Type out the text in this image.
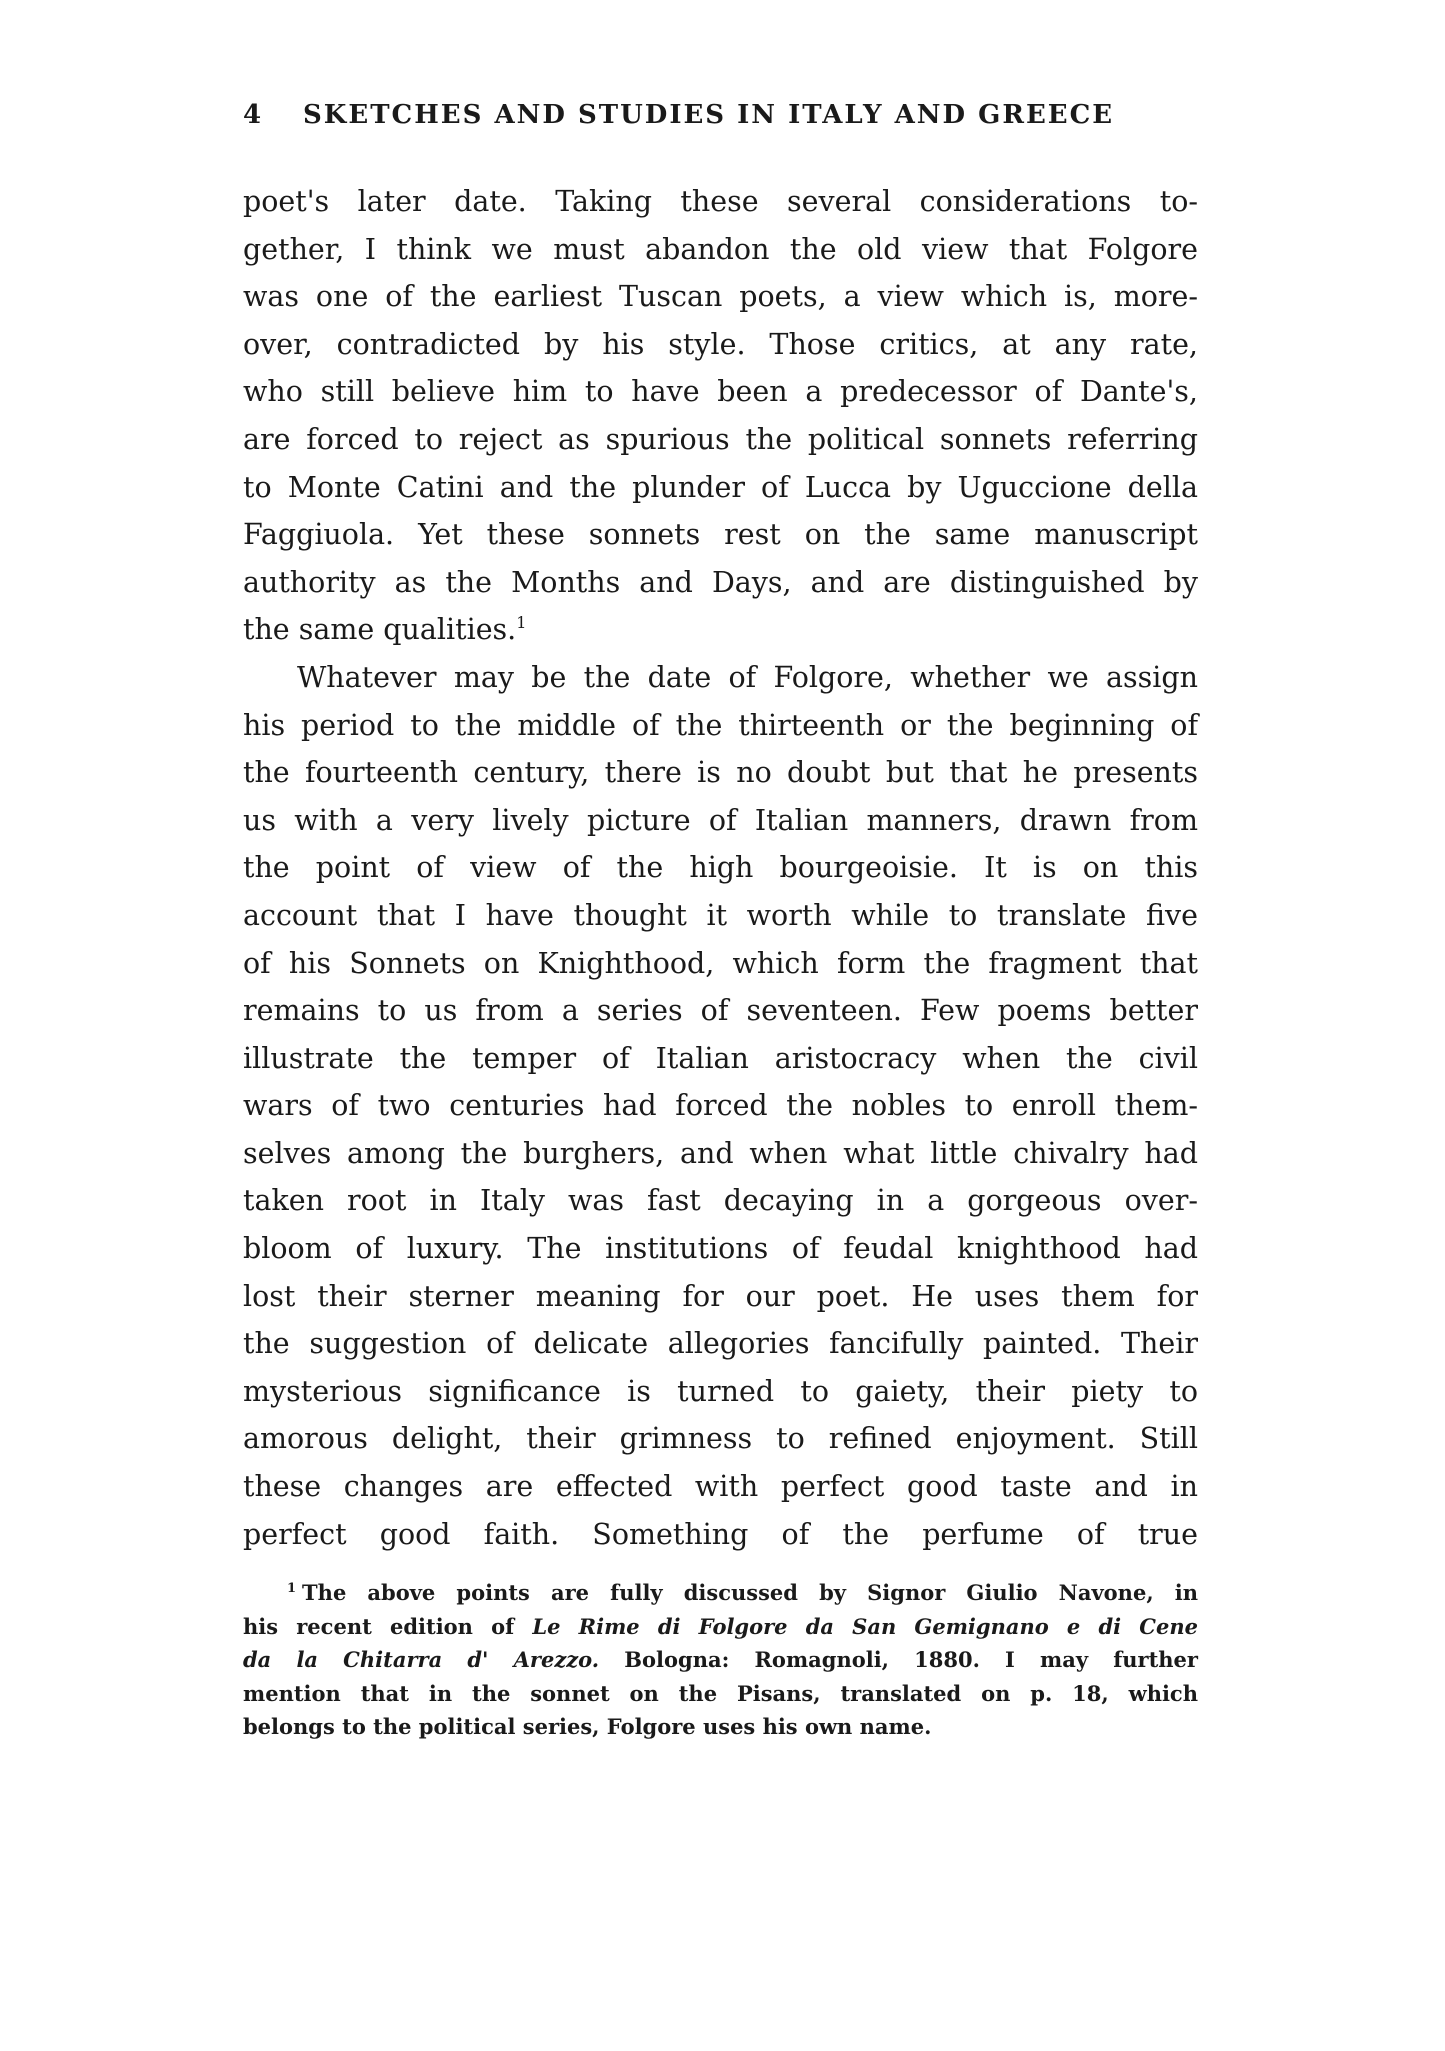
4 SKETCHES AND STUDIES IN ITALY AND GREECE
poet's later date. Taking these several considerations to-
gether, I think we must abandon the old view that Folgore
was one of the earliest Tuscan poets, a view which is, more-
over, contradicted by his style. Those critics, at any rate,
who still believe him to have been a predecessor of Dante's,
are forced to reject as spurious the political sonnets referring
to Monte Catini and the plunder of Lucca by Uguccione della
Faggiuola. Yet these sonnets rest on the same manuscript
authority as the Months and Days, and are distinguished by
the same qualities.$^1$
Whatever may be the date of Folgore, whether we assign
his period to the middle of the thirteenth or the beginning of
the fourteenth century, there is no doubt but that he presents
us with a very lively picture of Italian manners, drawn from
the point of view of the high bourgeoisie. It is on this
account that I have thought it worth while to translate five
of his Sonnets on Knighthood, which form the fragment that
remains to us from a series of seventeen. Few poems better
illustrate the temper of Italian aristocracy when the civil
wars of two centuries had forced the nobles to enroll them-
selves among the burghers, and when what little chivalry had
taken root in Italy was fast decaying in a gorgeous over-
bloom of luxury. The institutions of feudal knighthood had
lost their sterner meaning for our poet. He uses them for
the suggestion of delicate allegories fancifully painted. Their
mysterious significance is turned to gaiety, their piety to
amorous delight, their grimness to refined enjoyment. Still
these changes are effected with perfect good taste and in
perfect good faith. Something of the perfume of true
$^1$ The above points are fully discussed by Signor Giulio Navone, in
his recent edition of Le Rime di Folgore da San Gemignano e di Cene
da la Chitarra d' Arezzo. Bologna: Romagnoli, 1880. I may further
mention that in the sonnet on the Pisans, translated on p. 18, which
belongs to the political series, Folgore uses his own name.
